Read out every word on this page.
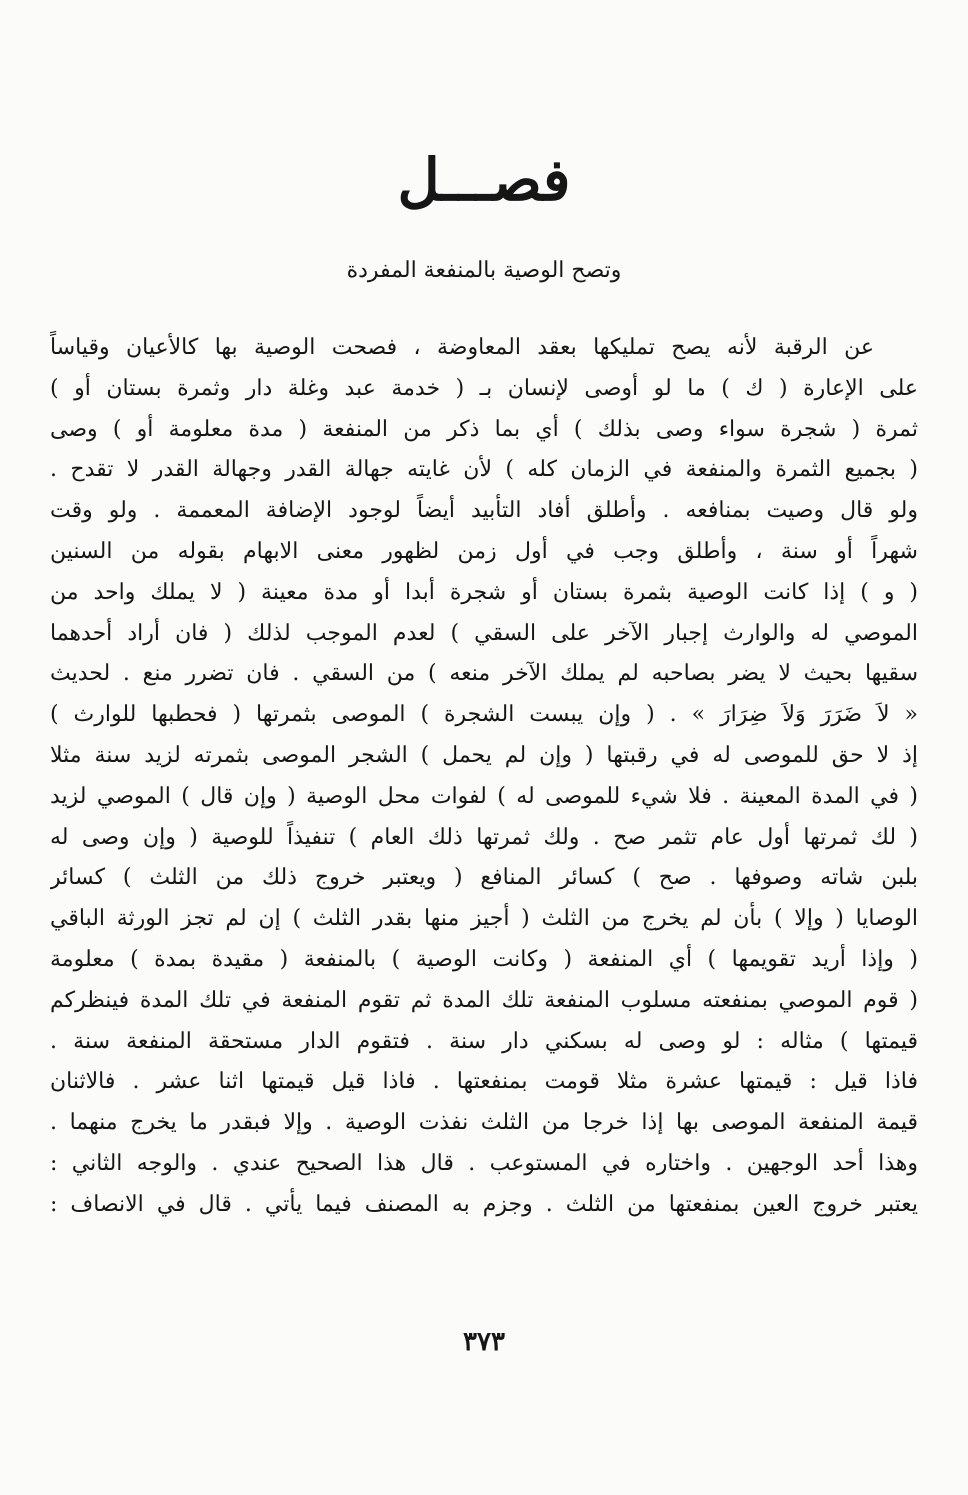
فصـــل
وتصح الوصية بالمنفعة المفردة
عن الرقبة لأنه يصح تمليكها بعقد المعاوضة ، فصحت الوصية بها كالأعيان وقياساً
على الإعارة ( ك ) ما لو أوصى لإنسان بـ ( خدمة عبد وغلة دار وثمرة بستان أو )
ثمرة ( شجرة سواء وصى بذلك ) أي بما ذكر من المنفعة ( مدة معلومة أو ) وصى
( بجميع الثمرة والمنفعة في الزمان كله ) لأن غايته جهالة القدر وجهالة القدر لا تقدح .
ولو قال وصيت بمنافعه . وأطلق أفاد التأبيد أيضاً لوجود الإضافة المعممة . ولو وقت
شهراً أو سنة ، وأطلق وجب في أول زمن لظهور معنى الابهام بقوله من السنين
( و ) إذا كانت الوصية بثمرة بستان أو شجرة أبدا أو مدة معينة ( لا يملك واحد من
الموصي له والوارث إجبار الآخر على السقي ) لعدم الموجب لذلك ( فان أراد أحدهما
سقيها بحيث لا يضر بصاحبه لم يملك الآخر منعه ) من السقي . فان تضرر منع . لحديث
« لاَ ضَرَرَ وَلاَ ضِرَارَ » . ( وإن يبست الشجرة ) الموصى بثمرتها ( فحطبها للوارث )
إذ لا حق للموصى له في رقبتها ( وإن لم يحمل ) الشجر الموصى بثمرته لزيد سنة مثلا
( في المدة المعينة . فلا شيء للموصى له ) لفوات محل الوصية ( وإن قال ) الموصي لزيد
( لك ثمرتها أول عام تثمر صح . ولك ثمرتها ذلك العام ) تنفيذاً للوصية ( وإن وصى له
بلبن شاته وصوفها . صح ) كسائر المنافع ( ويعتبر خروج ذلك من الثلث ) كسائر
الوصايا ( وإلا ) بأن لم يخرج من الثلث ( أجيز منها بقدر الثلث ) إن لم تجز الورثة الباقي
( وإذا أريد تقويمها ) أي المنفعة ( وكانت الوصية ) بالمنفعة ( مقيدة بمدة ) معلومة
( قوم الموصي بمنفعته مسلوب المنفعة تلك المدة ثم تقوم المنفعة في تلك المدة فينظركم
قيمتها ) مثاله : لو وصى له بسكني دار سنة . فتقوم الدار مستحقة المنفعة سنة .
فاذا قيل : قيمتها عشرة مثلا قومت بمنفعتها . فاذا قيل قيمتها اثنا عشر . فالاثنان
قيمة المنفعة الموصى بها إذا خرجا من الثلث نفذت الوصية . وإلا فبقدر ما يخرج منهما .
وهذا أحد الوجهين . واختاره في المستوعب . قال هذا الصحيح عندي . والوجه الثاني :
يعتبر خروج العين بمنفعتها من الثلث . وجزم به المصنف فيما يأتي . قال في الانصاف :
٣٧٣
